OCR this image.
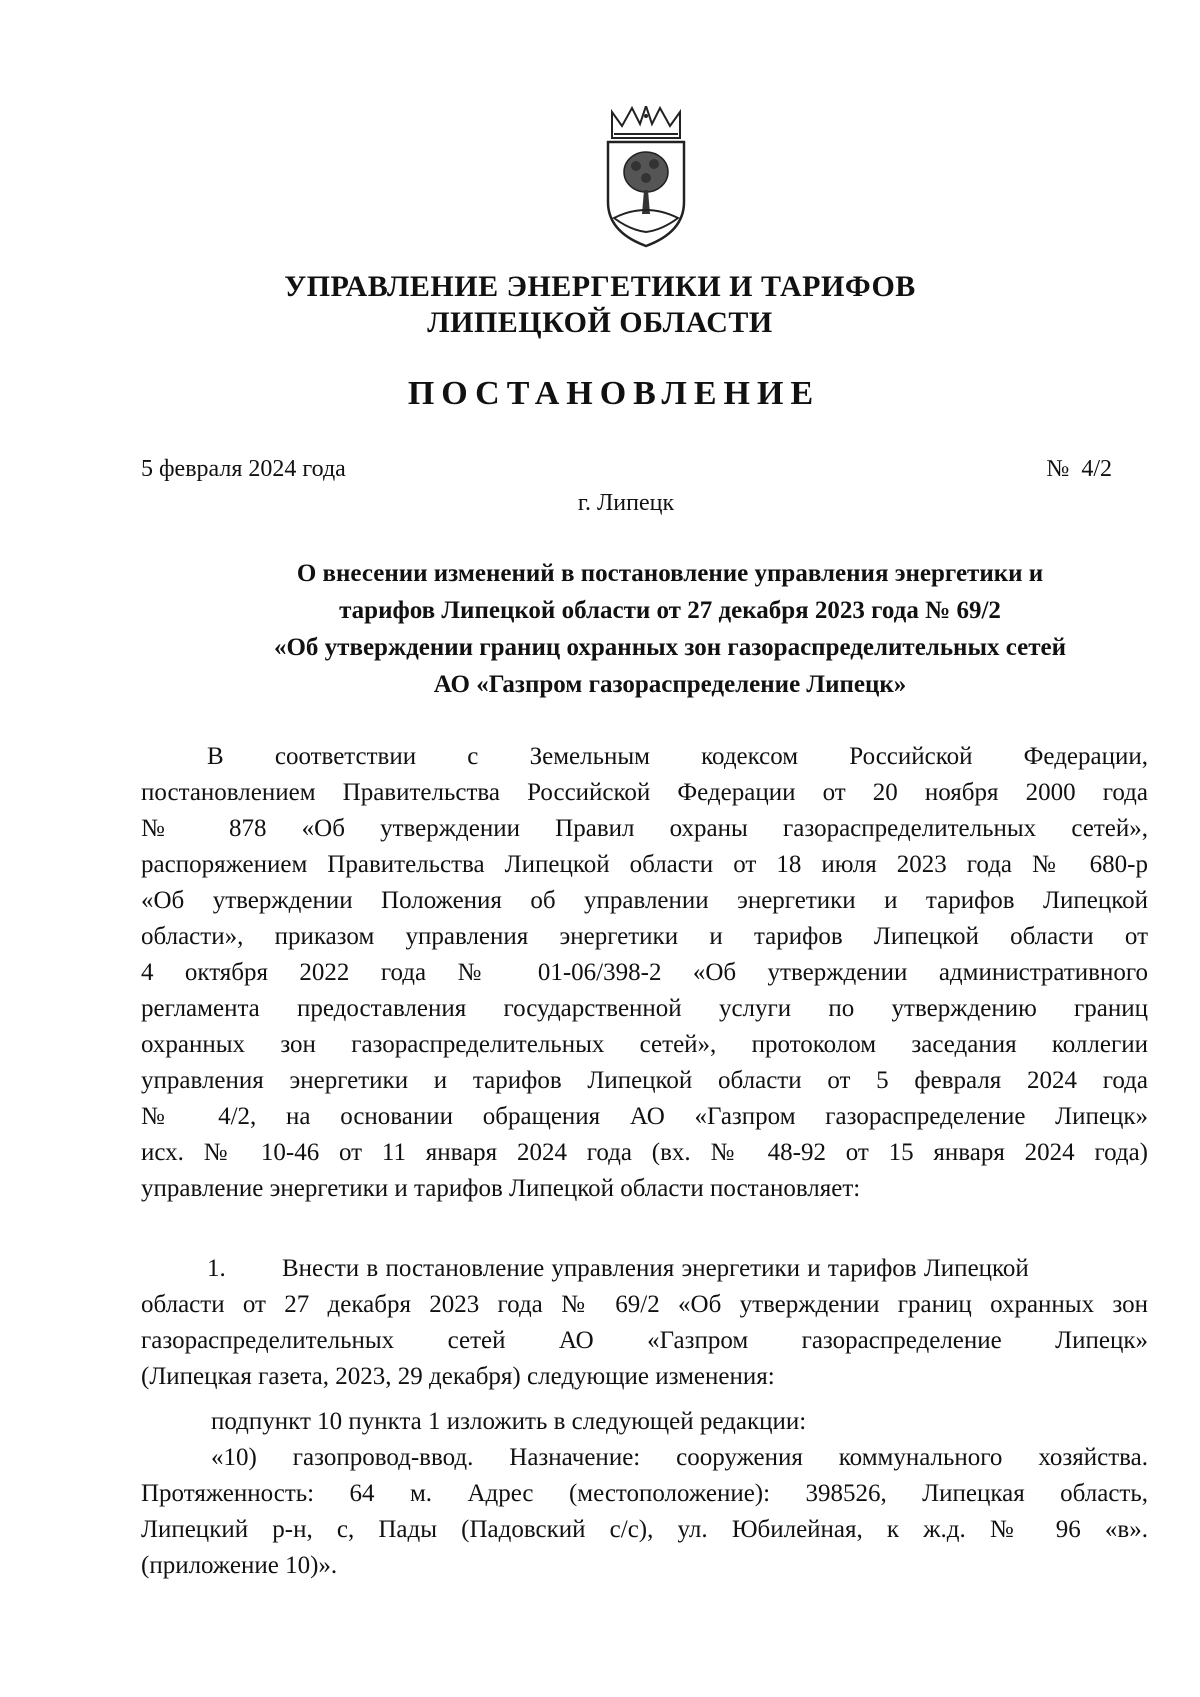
УПРАВЛЕНИЕ ЭНЕРГЕТИКИ И ТАРИФОВ
ЛИПЕЦКОЙ ОБЛАСТИ
ПОСТАНОВЛЕНИЕ
5 февраля 2024 года	№ 4/2
г. Липецк
О внесении изменений в постановление управления энергетики и
тарифов Липецкой области от 27 декабря 2023 года № 69/2
«Об утверждении границ охранных зон газораспределительных сетей
АО «Газпром газораспределение Липецк»
В соответствии с Земельным кодексом Российской Федерации,
постановлением Правительства Российской Федерации от 20 ноября 2000 года
№ 878 «Об утверждении Правил охраны газораспределительных сетей»,
распоряжением Правительства Липецкой области от 18 июля 2023 года № 680-р
«Об утверждении Положения об управлении энергетики и тарифов Липецкой
области», приказом управления энергетики и тарифов Липецкой области от
4 октября 2022 года № 01-06/398-2 «Об утверждении административного
регламента предоставления государственной услуги по утверждению границ
охранных зон газораспределительных сетей», протоколом заседания коллегии
управления энергетики и тарифов Липецкой области от 5 февраля 2024 года
№ 4/2, на основании обращения АО «Газпром газораспределение Липецк»
исх. № 10-46 от 11 января 2024 года (вх. № 48-92 от 15 января 2024 года)
управление энергетики и тарифов Липецкой области постановляет:
1. Внести в постановление управления энергетики и тарифов Липецкой
области от 27 декабря 2023 года № 69/2 «Об утверждении границ охранных зон
газораспределительных сетей АО «Газпром газораспределение Липецк»
(Липецкая газета, 2023, 29 декабря) следующие изменения:
подпункт 10 пункта 1 изложить в следующей редакции:
«10) газопровод-ввод. Назначение: сооружения коммунального хозяйства.
Протяженность: 64 м. Адрес (местоположение): 398526, Липецкая область,
Липецкий р-н, с, Пады (Падовский с/с), ул. Юбилейная, к ж.д. № 96 «в».
(приложение 10)».
